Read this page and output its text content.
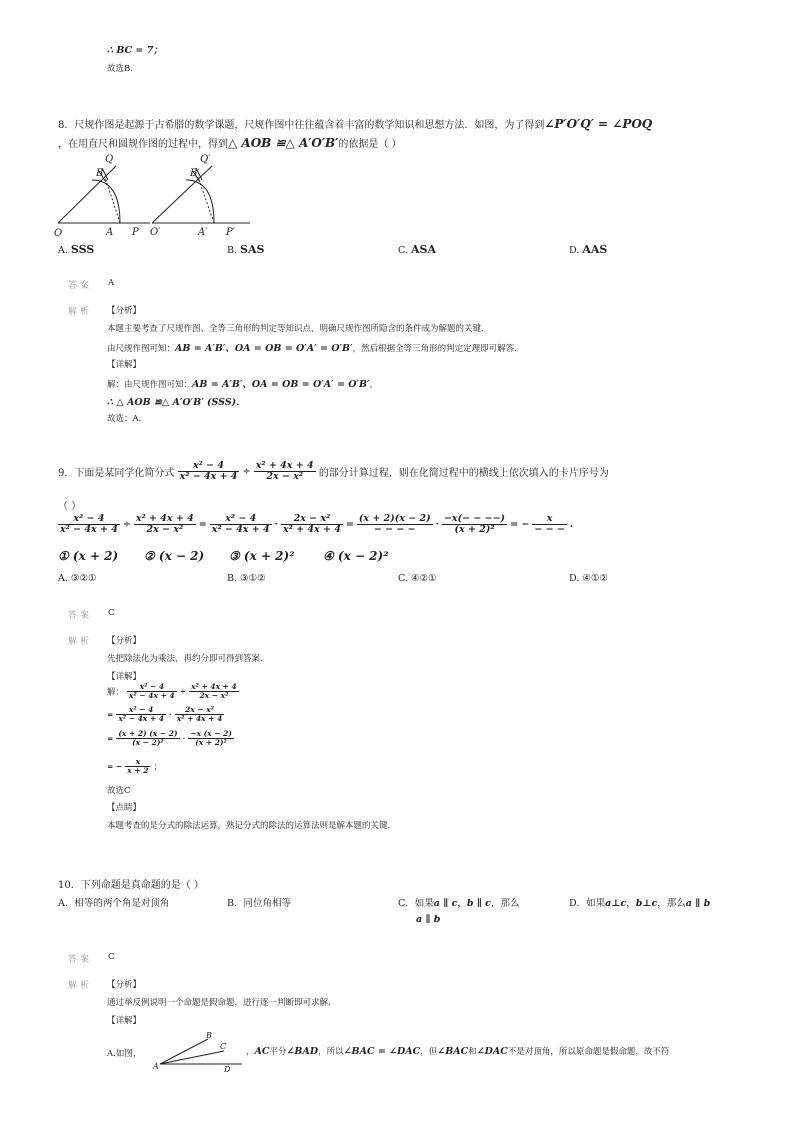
∴ BC = 7；
故选B.
8．尺规作图是起源于古希腊的数学课题，尺规作图中往往蕴含着丰富的数学知识和思想方法．如图，为了得到∠P′O′Q′ = ∠POQ
，在用直尺和圆规作图的过程中，得到△ AOB ≌△ A′O′B′的依据是（ ）
Q
B
O	A P
Q′
B′
O′	A′ P′
A. SSS	B. SAS	C. ASA	D. AAS
答案 A
解析 【分析】
本题主要考查了尺规作图、全等三角形的判定等知识点，明确尺规作图所隐含的条件成为解题的关键．
由尺规作图可知：AB = A′B′、OA = OB = O′A′ = O′B′，然后根据全等三角形的判定定理即可解答．
【详解】
解：由尺规作图可知：AB = A′B′、OA = OB = O′A′ = O′B′，
∴ △ AOB ≌△ A′O′B′ (SSS)．
故选：A．
9．下面是某同学化简分式 $\frac{\text{x² − 4}}{\text{x² − 4x + 4}} \div \frac{\text{x² + 4x + 4}}{\text{2x − x²}}$ 的部分计算过程，则在化简过程中的横线上依次填入的卡片序号为
（ ）
$\frac{\text{x² − 4}}{\text{x² − 4x + 4}} \div \frac{\text{x² + 4x + 4}}{\text{2x − x²}} = \frac{\text{x² − 4}}{\text{x² − 4x + 4}} \cdot \frac{\text{2x − x²}}{\text{x² + 4x + 4}} = \frac{(x + 2)(x - 2)}{- - - -} \cdot \frac{-x(- - --)}{\text{(x + 2)²}}$ = − $\frac{x}{- - -}$ .
① (x + 2) ② (x − 2) ③ (x + 2)² ④ (x − 2)²
A. ③②①	B. ③①②	C. ④②①	D. ④①②
答案 C
解析 【分析】
先把除法化为乘法，再约分即可得到答案．
【详解】
解： $\frac{\text{x² − 4}}{\text{x² − 4x + 4}} \div \frac{\text{x² + 4x + 4}}{\text{2x − x²}}$
= $\frac{\text{x² − 4}}{\text{x² − 4x + 4}} \cdot \frac{\text{2x − x²}}{\text{x² + 4x + 4}}$
= $\frac{(x + 2) (x - 2)}{\text{(x − 2)²}} \cdot \frac{-x (x - 2)}{\text{(x + 2)²}}$
= − $\frac{x}{x + 2}$ ；
故选C
【点睛】
本题考查的是分式的除法运算，熟记分式的除法的运算法则是解本题的关键．
10．下列命题是真命题的是（ ）
A．相等的两个角是对顶角	B．同位角相等	C．如果a ∥ c，b ∥ c，那么
a ∥ b
D．如果a⊥c，b⊥c，那么a ∥ b
答案 C
解析 【分析】
通过举反例说明一个命题是假命题，进行逐一判断即可求解．
【详解】
A.如图，
B
C
A	D
，AC平分∠BAD，所以∠BAC = ∠DAC，但∠BAC和∠DAC不是对顶角，所以原命题是假命题，故不符
